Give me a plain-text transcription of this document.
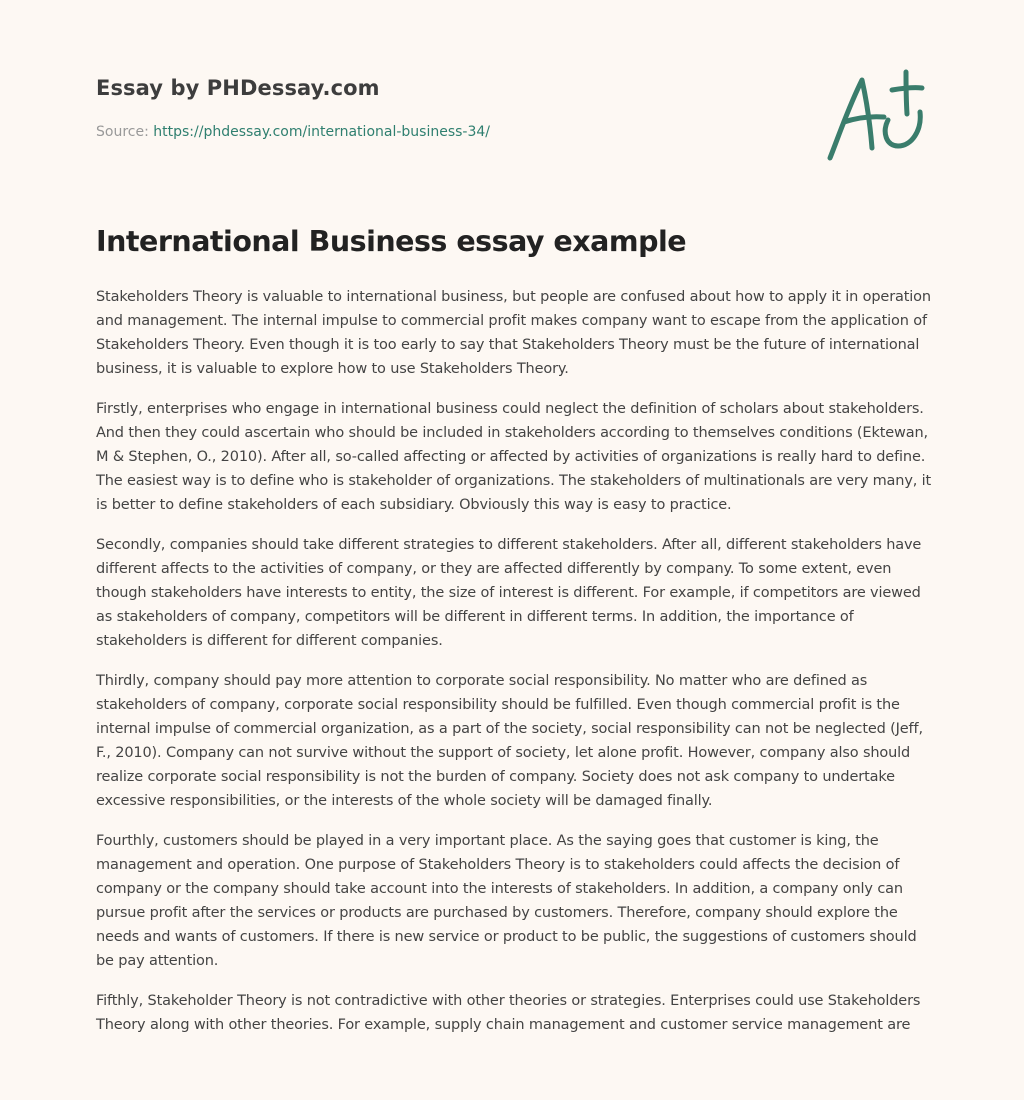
Essay by PHDessay.com

Source: https://phdessay.com/international-business-34/

International Business essay example

Stakeholders Theory is valuable to international business, but people are confused about how to apply it in operation and management. The internal impulse to commercial profit makes company want to escape from the application of Stakeholders Theory. Even though it is too early to say that Stakeholders Theory must be the future of international business, it is valuable to explore how to use Stakeholders Theory.

Firstly, enterprises who engage in international business could neglect the definition of scholars about stakeholders. And then they could ascertain who should be included in stakeholders according to themselves conditions (Ektewan, M & Stephen, O., 2010). After all, so-called affecting or affected by activities of organizations is really hard to define. The easiest way is to define who is stakeholder of organizations. The stakeholders of multinationals are very many, it is better to define stakeholders of each subsidiary. Obviously this way is easy to practice.

Secondly, companies should take different strategies to different stakeholders. After all, different stakeholders have different affects to the activities of company, or they are affected differently by company. To some extent, even though stakeholders have interests to entity, the size of interest is different. For example, if competitors are viewed as stakeholders of company, competitors will be different in different terms. In addition, the importance of stakeholders is different for different companies.

Thirdly, company should pay more attention to corporate social responsibility. No matter who are defined as stakeholders of company, corporate social responsibility should be fulfilled. Even though commercial profit is the internal impulse of commercial organization, as a part of the society, social responsibility can not be neglected (Jeff, F., 2010). Company can not survive without the support of society, let alone profit. However, company also should realize corporate social responsibility is not the burden of company. Society does not ask company to undertake excessive responsibilities, or the interests of the whole society will be damaged finally.

Fourthly, customers should be played in a very important place. As the saying goes that customer is king, the management and operation. One purpose of Stakeholders Theory is to stakeholders could affects the decision of company or the company should take account into the interests of stakeholders. In addition, a company only can pursue profit after the services or products are purchased by customers. Therefore, company should explore the needs and wants of customers. If there is new service or product to be public, the suggestions of customers should be pay attention.

Fifthly, Stakeholder Theory is not contradictive with other theories or strategies. Enterprises could use Stakeholders Theory along with other theories. For example, supply chain management and customer service management are
